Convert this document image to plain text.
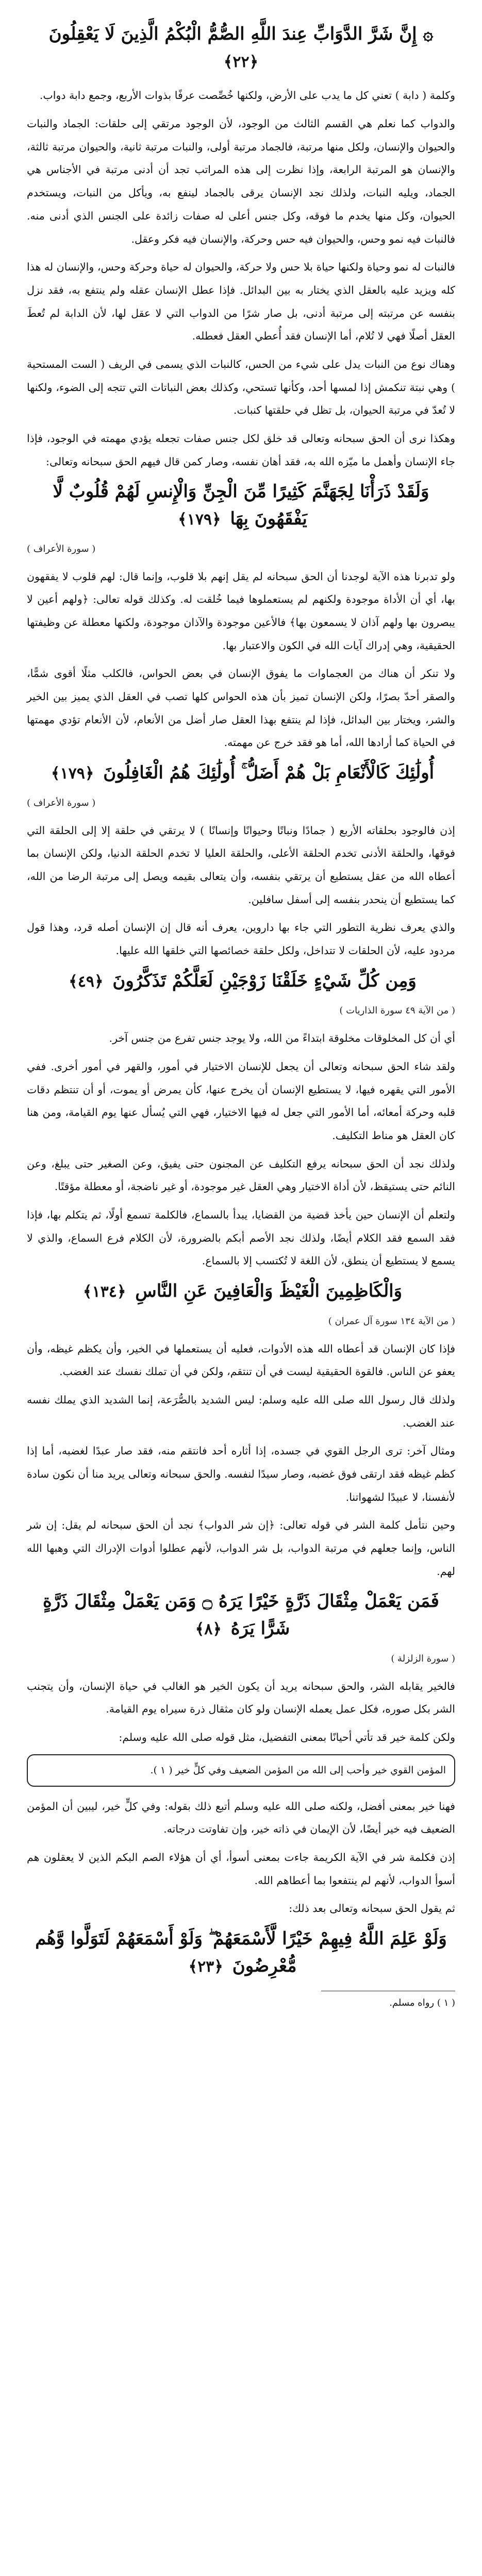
۞ إِنَّ شَرَّ الدَّوَابِّ عِندَ اللَّهِ الصُّمُّ الْبُكْمُ الَّذِينَ لَا يَعْقِلُونَ ﴿٢٢﴾

وكلمة ( دابة ) تعني كل ما يدب على الأرض، ولكنها خُصِّصت عرفًا بذوات الأربع، وجمع دابة دواب.

والدواب كما نعلم هي القسم الثالث من الوجود، لأن الوجود مرتقي إلى حلقات: الجماد والنبات والحيوان والإنسان، ولكل منها مرتبة، فالجماد مرتبة أولى، والنبات مرتبة ثانية، والحيوان مرتبة ثالثة، والإنسان هو المرتبة الرابعة، وإذا نظرت إلى هذه المراتب تجد أن أدنى مرتبة في الأجناس هي الجماد، ويليه النبات، ولذلك نجد الإنسان يرقى بالجماد لينفع به، ويأكل من النبات، ويستخدم الحيوان، وكل منها يخدم ما فوقه، وكل جنس أعلى له صفات زائدة على الجنس الذي أدنى منه. فالنبات فيه نمو وحس، والحيوان فيه حس وحركة، والإنسان فيه فكر وعقل.

فالنبات له نمو وحياة ولكنها حياة بلا حس ولا حركة، والحيوان له حياة وحركة وحس، والإنسان له هذا كله ويزيد عليه بالعقل الذي يختار به بين البدائل. فإذا عطل الإنسان عقله ولم ينتفع به، فقد نزل بنفسه عن مرتبته إلى مرتبة أدنى، بل صار شرًا من الدواب التي لا عقل لها، لأن الدابة لم تُعطَ العقل أصلًا فهي لا تُلام، أما الإنسان فقد أُعطي العقل فعطله.

وهناك نوع من النبات يدل على شيء من الحس، كالنبات الذي يسمى في الريف ( الست المستحية ) وهي نبتة تنكمش إذا لمسها أحد، وكأنها تستحي، وكذلك بعض النباتات التي تتجه إلى الضوء، ولكنها لا تُعدّ في مرتبة الحيوان، بل تظل في حلقتها كنبات.

وهكذا نرى أن الحق سبحانه وتعالى قد خلق لكل جنس صفات تجعله يؤدي مهمته في الوجود، فإذا جاء الإنسان وأهمل ما ميّزه الله به، فقد أهان نفسه، وصار كمن قال فيهم الحق سبحانه وتعالى:

وَلَقَدْ ذَرَأْنَا لِجَهَنَّمَ كَثِيرًا مِّنَ الْجِنِّ وَالْإِنسِ لَهُمْ قُلُوبٌ لَّا يَفْقَهُونَ بِهَا ﴿١٧٩﴾
( سورة الأعراف )

ولو تدبرنا هذه الآية لوجدنا أن الحق سبحانه لم يقل إنهم بلا قلوب، وإنما قال: لهم قلوب لا يفقهون بها، أي أن الأداة موجودة ولكنهم لم يستعملوها فيما خُلقت له. وكذلك قوله تعالى: ﴿ولهم أعين لا يبصرون بها ولهم آذان لا يسمعون بها﴾ فالأعين موجودة والآذان موجودة، ولكنها معطلة عن وظيفتها الحقيقية، وهي إدراك آيات الله في الكون والاعتبار بها.

ولا تنكر أن هناك من العجماوات ما يفوق الإنسان في بعض الحواس، فالكلب مثلًا أقوى شمًّا، والصقر أحدّ بصرًا، ولكن الإنسان تميز بأن هذه الحواس كلها تصب في العقل الذي يميز بين الخير والشر، ويختار بين البدائل، فإذا لم ينتفع بهذا العقل صار أضل من الأنعام، لأن الأنعام تؤدي مهمتها في الحياة كما أرادها الله، أما هو فقد خرج عن مهمته.

أُولَٰئِكَ كَالْأَنْعَامِ بَلْ هُمْ أَضَلُّ ۚ أُولَٰئِكَ هُمُ الْغَافِلُونَ ﴿١٧٩﴾
( سورة الأعراف )

إذن فالوجود بحلقاته الأربع ( جمادًا ونباتًا وحيوانًا وإنسانًا ) لا يرتقي في حلقة إلا إلى الحلقة التي فوقها، والحلقة الأدنى تخدم الحلقة الأعلى، والحلقة العليا لا تخدم الحلقة الدنيا، ولكن الإنسان بما أعطاه الله من عقل يستطيع أن يرتقي بنفسه، وأن يتعالى بقيمه ويصل إلى مرتبة الرضا من الله، كما يستطيع أن ينحدر بنفسه إلى أسفل سافلين.

والذي يعرف نظرية التطور التي جاء بها داروين، يعرف أنه قال إن الإنسان أصله قرد، وهذا قول مردود عليه، لأن الحلقات لا تتداخل، ولكل حلقة خصائصها التي خلقها الله عليها.

وَمِن كُلِّ شَيْءٍ خَلَقْنَا زَوْجَيْنِ لَعَلَّكُمْ تَذَكَّرُونَ ﴿٤٩﴾
( من الآية ٤٩ سورة الذاريات )

أي أن كل المخلوقات مخلوقة ابتداءً من الله، ولا يوجد جنس تفرع من جنس آخر.

ولقد شاء الحق سبحانه وتعالى أن يجعل للإنسان الاختيار في أمور، والقهر في أمور أخرى. ففي الأمور التي يقهره فيها، لا يستطيع الإنسان أن يخرج عنها، كأن يمرض أو يموت، أو أن تنتظم دقات قلبه وحركة أمعائه، أما الأمور التي جعل له فيها الاختيار، فهي التي يُسأل عنها يوم القيامة، ومن هنا كان العقل هو مناط التكليف.

ولذلك نجد أن الحق سبحانه يرفع التكليف عن المجنون حتى يفيق، وعن الصغير حتى يبلغ، وعن النائم حتى يستيقظ، لأن أداة الاختيار وهي العقل غير موجودة، أو غير ناضجة، أو معطلة مؤقتًا.

ولتعلم أن الإنسان حين يأخذ قضية من القضايا، يبدأ بالسماع، فالكلمة تسمع أولًا، ثم يتكلم بها، فإذا فقد السمع فقد الكلام أيضًا، ولذلك نجد الأصم أبكم بالضرورة، لأن الكلام فرع السماع، والذي لا يسمع لا يستطيع أن ينطق، لأن اللغة لا تُكتسب إلا بالسماع.

وَالْكَاظِمِينَ الْغَيْظَ وَالْعَافِينَ عَنِ النَّاسِ ﴿١٣٤﴾
( من الآية ١٣٤ سورة آل عمران )

فإذا كان الإنسان قد أعطاه الله هذه الأدوات، فعليه أن يستعملها في الخير، وأن يكظم غيظه، وأن يعفو عن الناس. فالقوة الحقيقية ليست في أن تنتقم، ولكن في أن تملك نفسك عند الغضب.

ولذلك قال رسول الله صلى الله عليه وسلم: ليس الشديد بالصُّرَعة، إنما الشديد الذي يملك نفسه عند الغضب.

ومثال آخر: ترى الرجل القوي في جسده، إذا أثاره أحد فانتقم منه، فقد صار عبدًا لغضبه، أما إذا كظم غيظه فقد ارتقى فوق غضبه، وصار سيدًا لنفسه. والحق سبحانه وتعالى يريد منا أن نكون سادة لأنفسنا، لا عبيدًا لشهواتنا.

وحين نتأمل كلمة الشر في قوله تعالى: ﴿إن شر الدواب﴾ نجد أن الحق سبحانه لم يقل: إن شر الناس، وإنما جعلهم في مرتبة الدواب، بل شر الدواب، لأنهم عطلوا أدوات الإدراك التي وهبها الله لهم.

فَمَن يَعْمَلْ مِثْقَالَ ذَرَّةٍ خَيْرًا يَرَهُ ۝ وَمَن يَعْمَلْ مِثْقَالَ ذَرَّةٍ شَرًّا يَرَهُ ﴿٨﴾
( سورة الزلزلة )

فالخير يقابله الشر، والحق سبحانه يريد أن يكون الخير هو الغالب في حياة الإنسان، وأن يتجنب الشر بكل صوره، فكل عمل يعمله الإنسان ولو كان مثقال ذرة سيراه يوم القيامة.

ولكن كلمة خير قد تأتي أحيانًا بمعنى التفضيل، مثل قوله صلى الله عليه وسلم:

المؤمن القوي خير وأحب إلى الله من المؤمن الضعيف وفي كلٍّ خير ( ١ ).

فهنا خير بمعنى أفضل، ولكنه صلى الله عليه وسلم أتبع ذلك بقوله: وفي كلٍّ خير، ليبين أن المؤمن الضعيف فيه خير أيضًا، لأن الإيمان في ذاته خير، وإن تفاوتت درجاته.

إذن فكلمة شر في الآية الكريمة جاءت بمعنى أسوأ، أي أن هؤلاء الصم البكم الذين لا يعقلون هم أسوأ الدواب، لأنهم لم ينتفعوا بما أعطاهم الله.

ثم يقول الحق سبحانه وتعالى بعد ذلك:

وَلَوْ عَلِمَ اللَّهُ فِيهِمْ خَيْرًا لَّأَسْمَعَهُمْ ۖ وَلَوْ أَسْمَعَهُمْ لَتَوَلَّوا وَّهُم مُّعْرِضُونَ ﴿٢٣﴾
( ١ ) رواه مسلم.
